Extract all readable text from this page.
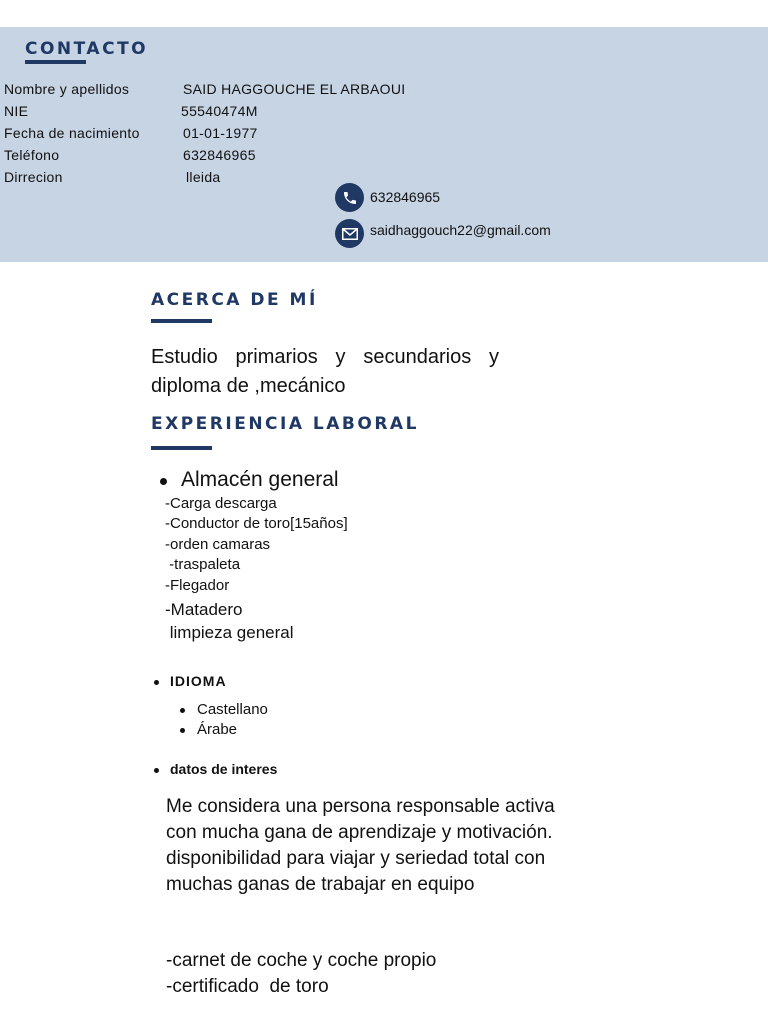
CONTACTO
Nombre y apellidos	SAID HAGGOUCHE EL ARBAOUI
NIE	55540474M
Fecha de nacimiento	01-01-1977
Teléfono	632846965
Dirrecion	lleida
632846965
saidhaggouch22@gmail.com
ACERCA DE MÍ
Estudio primarios y secundarios y
diploma de ,mecánico
EXPERIENCIA LABORAL
Almacén general
-Carga descarga
-Conductor de toro[15años]
-orden camaras
-traspaleta
-Flegador
-Matadero
limpieza general
IDIOMA
Castellano
Árabe
datos de interes
Me considera una persona responsable activa
con mucha gana de aprendizaje y motivación.
disponibilidad para viajar y seriedad total con
muchas ganas de trabajar en equipo
-carnet de coche y coche propio
-certificado  de toro
